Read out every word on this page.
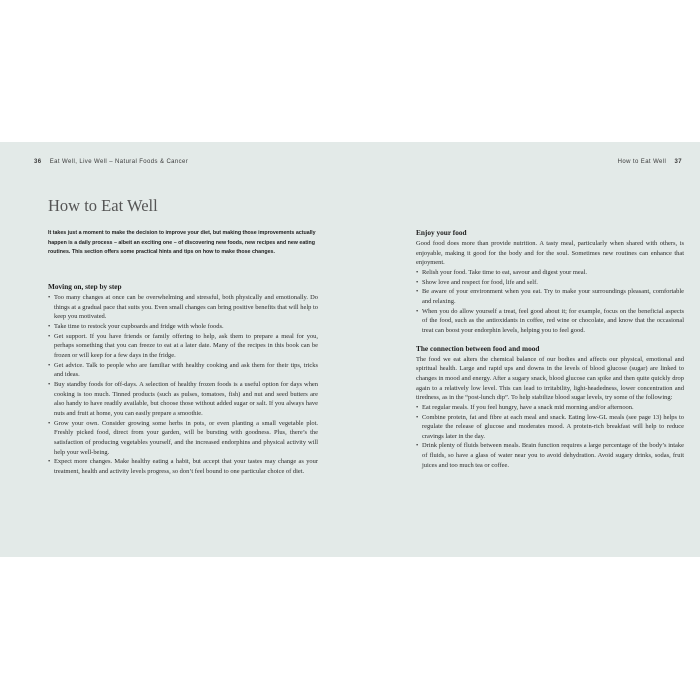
36 Eat Well, Live Well – Natural Foods & Cancer
How to Eat Well

It takes just a moment to make the decision to improve your diet, but making those improvements actually happen is a daily process – albeit an exciting one – of discovering new foods, new recipes and new eating routines. This section offers some practical hints and tips on how to make those changes.

Moving on, step by step
• Too many changes at once can be overwhelming and stressful, both physically and emotionally. Do things at a gradual pace that suits you. Even small changes can bring positive benefits that will help to keep you motivated.
• Take time to restock your cupboards and fridge with whole foods.
• Get support. If you have friends or family offering to help, ask them to prepare a meal for you, perhaps something that you can freeze to eat at a later date. Many of the recipes in this book can be frozen or will keep for a few days in the fridge.
• Get advice. Talk to people who are familiar with healthy cooking and ask them for their tips, tricks and ideas.
• Buy standby foods for off-days. A selection of healthy frozen foods is a useful option for days when cooking is too much. Tinned products (such as pulses, tomatoes, fish) and nut and seed butters are also handy to have readily available, but choose those without added sugar or salt. If you always have nuts and fruit at home, you can easily prepare a smoothie.
• Grow your own. Consider growing some herbs in pots, or even planting a small vegetable plot. Freshly picked food, direct from your garden, will be bursting with goodness. Plus, there’s the satisfaction of producing vegetables yourself, and the increased endorphins and physical activity will help your well-being.
• Expect more changes. Make healthy eating a habit, but accept that your tastes may change as your treatment, health and activity levels progress, so don’t feel bound to one particular choice of diet.
How to Eat Well 37
Enjoy your food

Good food does more than provide nutrition. A tasty meal, particularly when shared with others, is enjoyable, making it good for the body and for the soul. Sometimes new routines can enhance that enjoyment.

• Relish your food. Take time to eat, savour and digest your meal.
• Show love and respect for food, life and self.
• Be aware of your environment when you eat. Try to make your surroundings pleasant, comfortable and relaxing.
• When you do allow yourself a treat, feel good about it; for example, focus on the beneficial aspects of the food, such as the antioxidants in coffee, red wine or chocolate, and know that the occasional treat can boost your endorphin levels, helping you to feel good.
The connection between food and mood

The food we eat alters the chemical balance of our bodies and affects our physical, emotional and spiritual health. Large and rapid ups and downs in the levels of blood glucose (sugar) are linked to changes in mood and energy. After a sugary snack, blood glucose can spike and then quite quickly drop again to a relatively low level. This can lead to irritability, light-headedness, lower concentration and tiredness, as in the “post-lunch dip”. To help stabilize blood sugar levels, try some of the following:

• Eat regular meals. If you feel hungry, have a snack mid morning and/or afternoon.
• Combine protein, fat and fibre at each meal and snack. Eating low-GL meals (see page 13) helps to regulate the release of glucose and moderates mood. A protein-rich breakfast will help to reduce cravings later in the day.
• Drink plenty of fluids between meals. Brain function requires a large percentage of the body’s intake of fluids, so have a glass of water near you to avoid dehydration. Avoid sugary drinks, sodas, fruit juices and too much tea or coffee.
